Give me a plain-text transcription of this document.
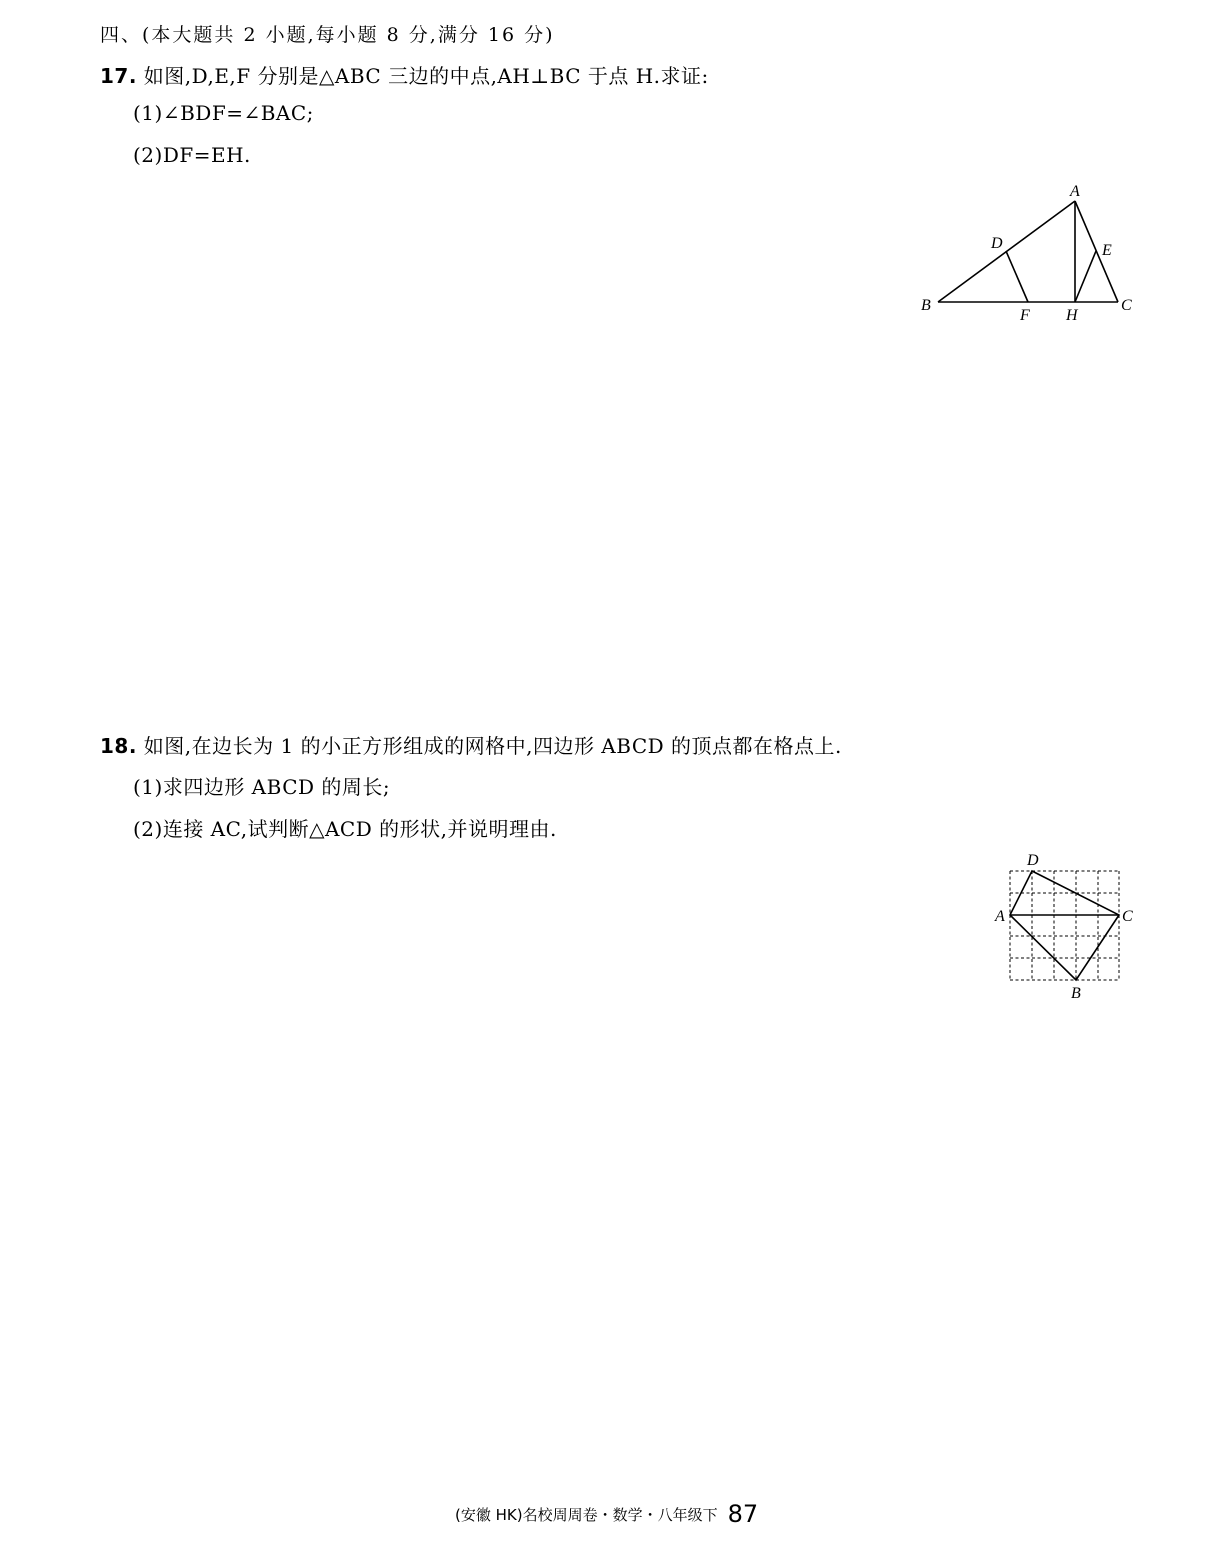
四、(本大题共 2 小题,每小题 8 分,满分 16 分)
17. 如图,D,E,F 分别是△ABC 三边的中点,AH⊥BC 于点 H.求证:
(1)∠BDF=∠BAC;
(2)DF=EH.
A
B	C
D	E
F H
18. 如图,在边长为 1 的小正方形组成的网格中,四边形 ABCD 的顶点都在格点上.
(1)求四边形 ABCD 的周长;
(2)连接 AC,试判断△ACD 的形状,并说明理由.
D
A	C
B
(安徽 HK)名校周周卷・数学・八年级下 87
